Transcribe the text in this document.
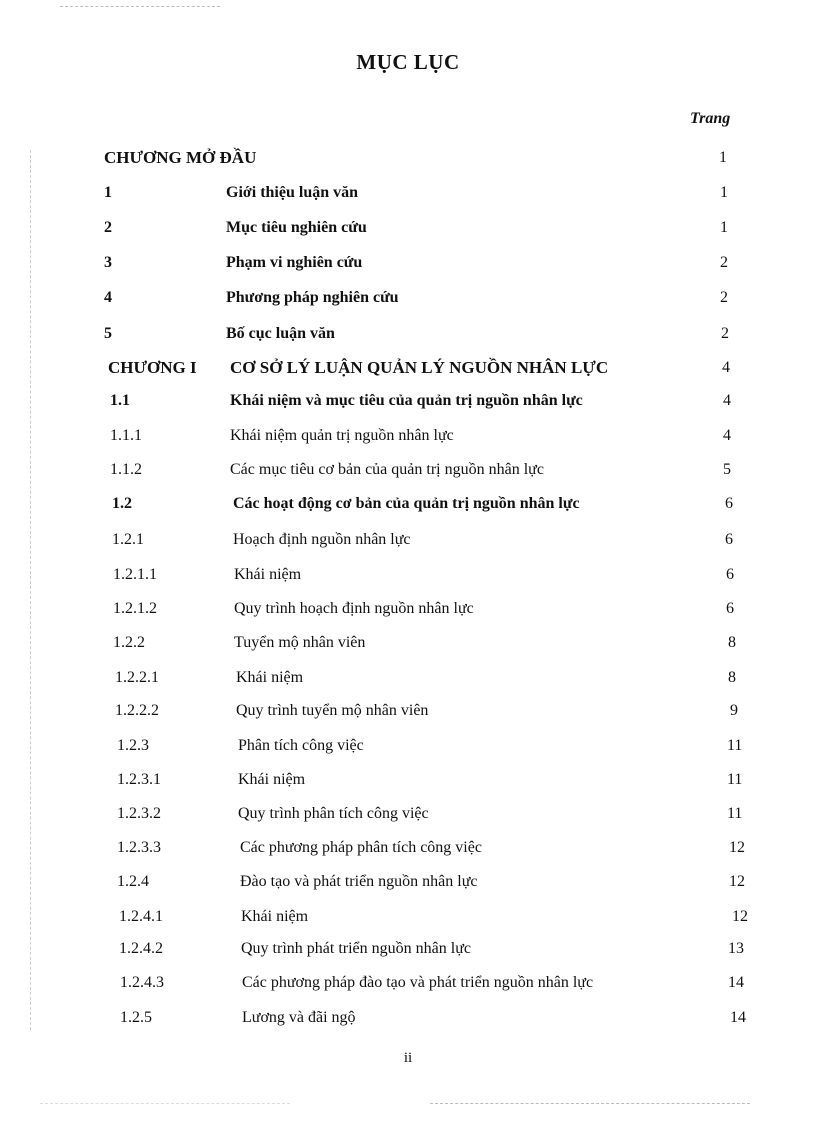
MỤC LỤC
Trang
CHƯƠNG MỞ ĐẦU	1
1	Giới thiệu luận văn	1
2	Mục tiêu nghiên cứu	1
3	Phạm vi nghiên cứu	2
4	Phương pháp nghiên cứu	2
5	Bố cục luận văn	2
CHƯƠNG I CƠ SỞ LÝ LUẬN QUẢN LÝ NGUỒN NHÂN LỰC	4
1.1	Khái niệm và mục tiêu của quản trị nguồn nhân lực	4
1.1.1	Khái niệm quản trị nguồn nhân lực	4
1.1.2	Các mục tiêu cơ bản của quản trị nguồn nhân lực	5
1.2	Các hoạt động cơ bản của quản trị nguồn nhân lực	6
1.2.1	Hoạch định nguồn nhân lực	6
1.2.1.1	Khái niệm	6
1.2.1.2	Quy trình hoạch định nguồn nhân lực	6
1.2.2	Tuyển mộ nhân viên	8
1.2.2.1	Khái niệm	8
1.2.2.2	Quy trình tuyển mộ nhân viên	9
1.2.3	Phân tích công việc	11
1.2.3.1	Khái niệm	11
1.2.3.2	Quy trình phân tích công việc	11
1.2.3.3	Các phương pháp phân tích công việc	12
1.2.4	Đào tạo và phát triển nguồn nhân lực	12
1.2.4.1	Khái niệm	12
1.2.4.2	Quy trình phát triển nguồn nhân lực	13
1.2.4.3	Các phương pháp đào tạo và phát triển nguồn nhân lực	14
1.2.5	Lương và đãi ngộ	14
ii
